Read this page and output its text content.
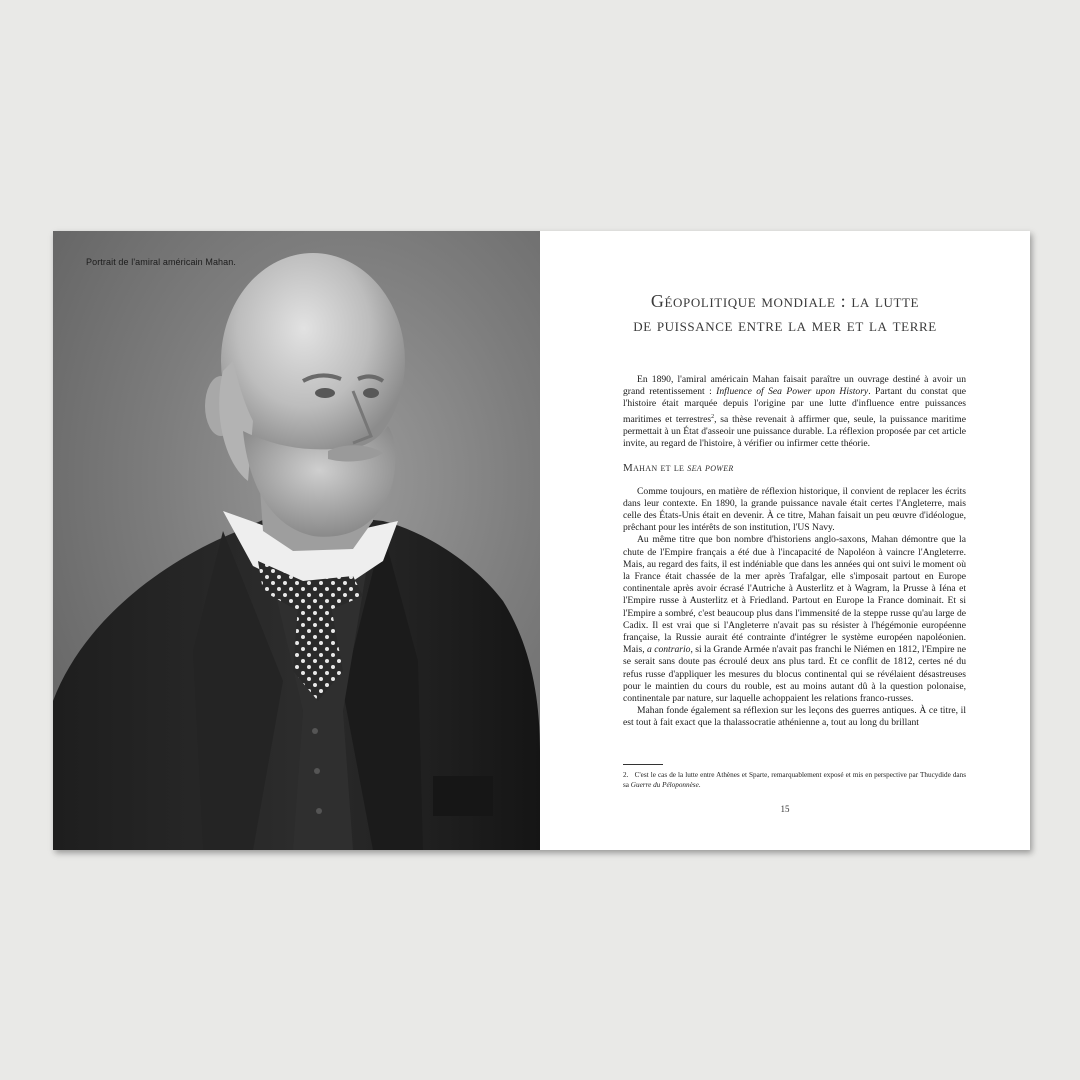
Portrait de l'amiral américain Mahan.
Géopolitique mondiale : la lutte
de puissance entre la mer et la terre

En 1890, l'amiral américain Mahan faisait paraître un ouvrage destiné à avoir un grand retentissement : Influence of Sea Power upon History. Partant du constat que l'histoire était marquée depuis l'origine par une lutte d'influence entre puissances maritimes et terrestres$^2$, sa thèse revenait à affirmer que, seule, la puissance maritime permettait à un État d'asseoir une puissance durable. La réflexion proposée par cet article invite, au regard de l'histoire, à vérifier ou infirmer cette théorie.

Mahan et le sea power

Comme toujours, en matière de réflexion historique, il convient de replacer les écrits dans leur contexte. En 1890, la grande puissance navale était certes l'Angleterre, mais celle des États-Unis était en devenir. À ce titre, Mahan faisait un peu œuvre d'idéologue, prêchant pour les intérêts de son institution, l'US Navy.

Au même titre que bon nombre d'historiens anglo-saxons, Mahan démontre que la chute de l'Empire français a été due à l'incapacité de Napoléon à vaincre l'Angleterre. Mais, au regard des faits, il est indéniable que dans les années qui ont suivi le moment où la France était chassée de la mer après Trafalgar, elle s'imposait partout en Europe continentale après avoir écrasé l'Autriche à Austerlitz et à Wagram, la Prusse à Iéna et l'Empire russe à Austerlitz et à Friedland. Partout en Europe la France dominait. Et si l'Empire a sombré, c'est beaucoup plus dans l'immensité de la steppe russe qu'au large de Cadix. Il est vrai que si l'Angleterre n'avait pas su résister à l'hégémonie européenne française, la Russie aurait été contrainte d'intégrer le système européen napoléonien. Mais, a contrario, si la Grande Armée n'avait pas franchi le Niémen en 1812, l'Empire ne se serait sans doute pas écroulé deux ans plus tard. Et ce conflit de 1812, certes né du refus russe d'appliquer les mesures du blocus continental qui se révélaient désastreuses pour le maintien du cours du rouble, est au moins autant dû à la question polonaise, continentale par nature, sur laquelle achoppaient les relations franco-russes.

Mahan fonde également sa réflexion sur les leçons des guerres antiques. À ce titre, il est tout à fait exact que la thalassocratie athénienne a, tout au long du brillant

2. C'est le cas de la lutte entre Athènes et Sparte, remarquablement exposé et mis en perspective par Thucydide dans sa Guerre du Péloponnèse.
15
